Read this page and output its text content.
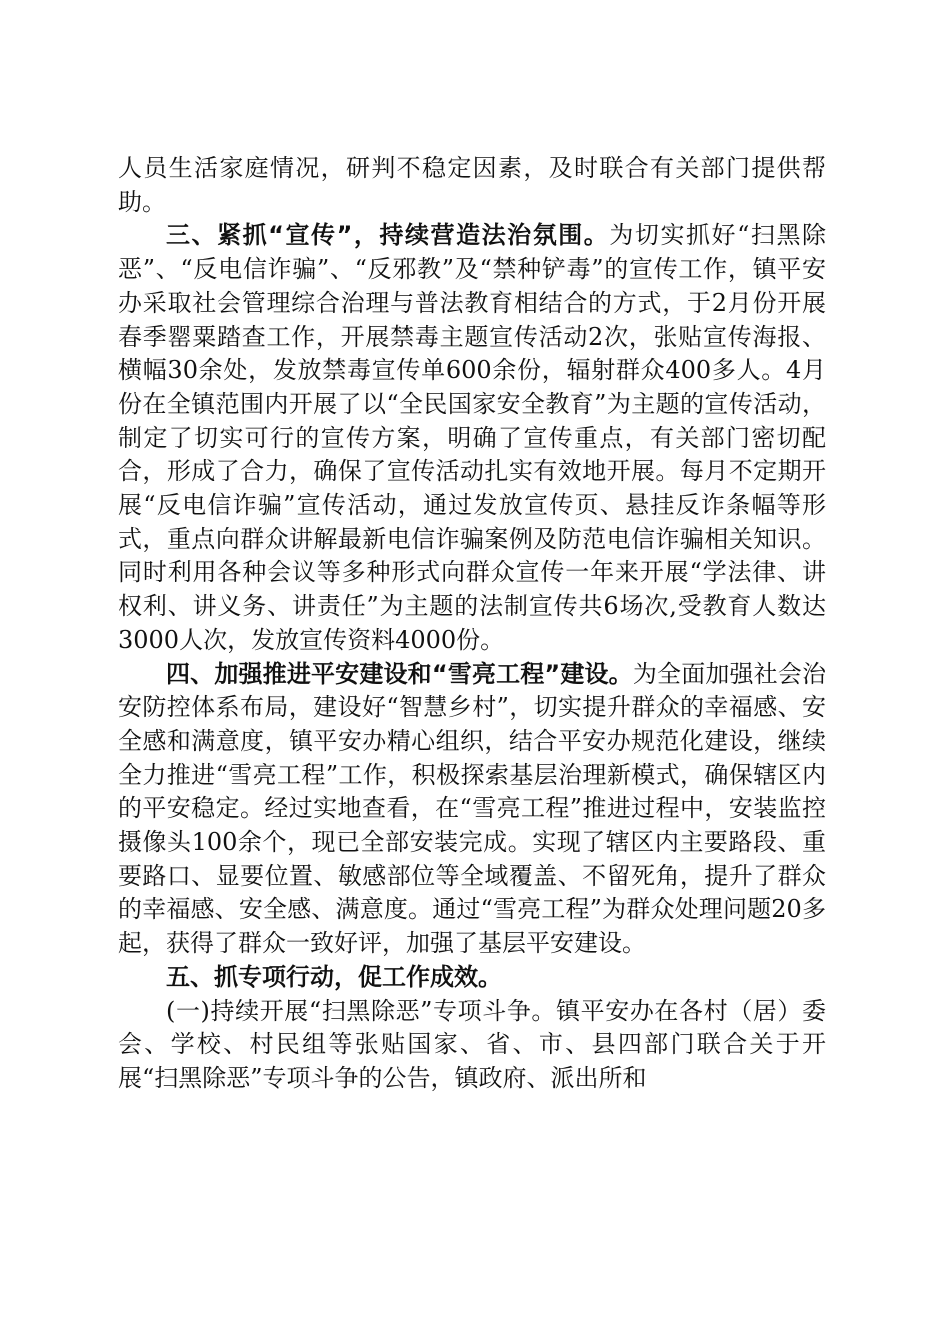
人员生活家庭情况，研判不稳定因素，及时联合有关部门提供帮助。

三、紧抓“宣传”，持续营造法治氛围。为切实抓好“扫黑除恶”、“反电信诈骗”、“反邪教”及“禁种铲毒”的宣传工作，镇平安办采取社会管理综合治理与普法教育相结合的方式，于2月份开展春季罂粟踏查工作，开展禁毒主题宣传活动2次，张贴宣传海报、横幅30余处，发放禁毒宣传单600余份，辐射群众400多人。4月份在全镇范围内开展了以“全民国家安全教育”为主题的宣传活动，制定了切实可行的宣传方案，明确了宣传重点，有关部门密切配合，形成了合力，确保了宣传活动扎实有效地开展。每月不定期开展“反电信诈骗”宣传活动，通过发放宣传页、悬挂反诈条幅等形式，重点向群众讲解最新电信诈骗案例及防范电信诈骗相关知识。同时利用各种会议等多种形式向群众宣传一年来开展“学法律、讲权利、讲义务、讲责任”为主题的法制宣传共6场次,受教育人数达3000人次，发放宣传资料4000份。

四、加强推进平安建设和“雪亮工程”建设。为全面加强社会治安防控体系布局，建设好“智慧乡村”，切实提升群众的幸福感、安全感和满意度，镇平安办精心组织，结合平安办规范化建设，继续全力推进“雪亮工程”工作，积极探索基层治理新模式，确保辖区内的平安稳定。经过实地查看，在“雪亮工程”推进过程中，安装监控摄像头100余个，现已全部安装完成。实现了辖区内主要路段、重要路口、显要位置、敏感部位等全域覆盖、不留死角，提升了群众的幸福感、安全感、满意度。通过“雪亮工程”为群众处理问题20多起，获得了群众一致好评，加强了基层平安建设。

五、抓专项行动，促工作成效。

(一)持续开展“扫黑除恶”专项斗争。镇平安办在各村（居）委会、学校、村民组等张贴国家、省、市、县四部门联合关于开展“扫黑除恶”专项斗争的公告，镇政府、派出所和
